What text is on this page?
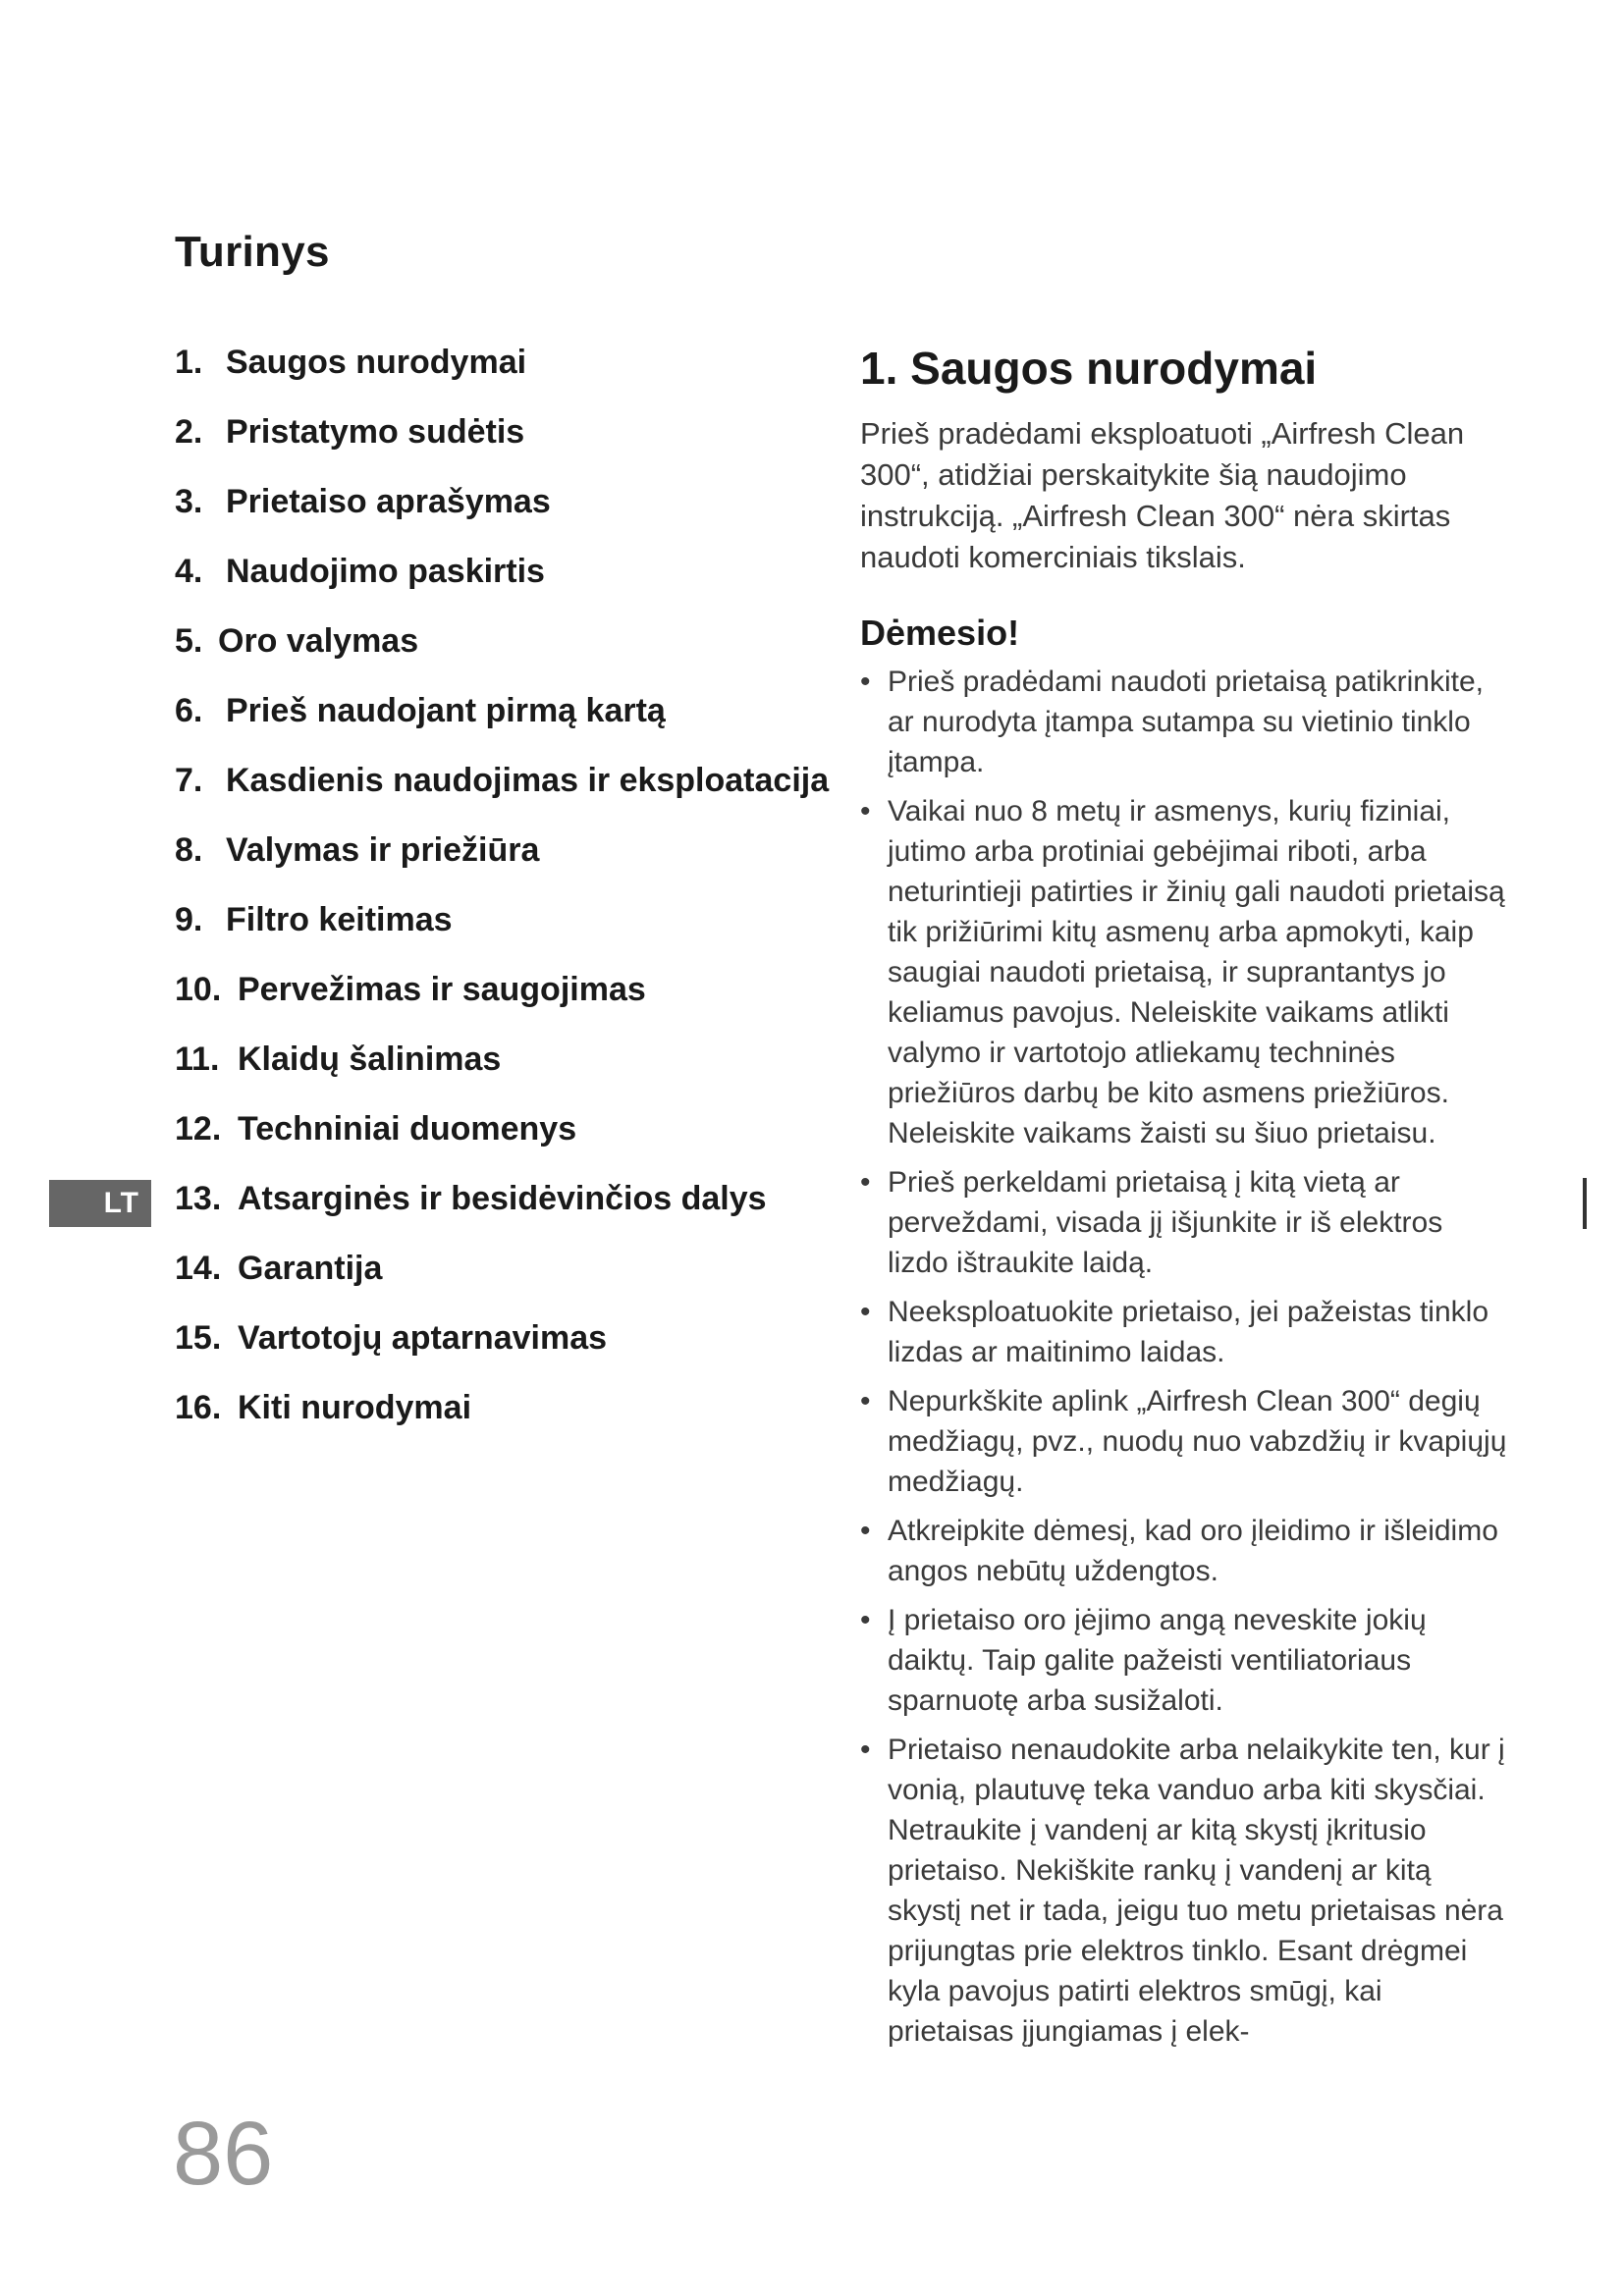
Turinys
1. Saugos nurodymai
2. Pristatymo sudėtis
3. Prietaiso aprašymas
4. Naudojimo paskirtis
5. Oro valymas
6. Prieš naudojant pirmą kartą
7. Kasdienis naudojimas ir eksploatacija
8. Valymas ir priežiūra
9. Filtro keitimas
10. Pervežimas ir saugojimas
11. Klaidų šalinimas
12. Techniniai duomenys
13. Atsarginės ir besidėvinčios dalys
14. Garantija
15. Vartotojų aptarnavimas
16. Kiti nurodymai
LT
86
1. Saugos nurodymai

Prieš pradėdami eksploatuoti „Airfresh Clean 300“, atidžiai perskaitykite šią naudojimo instrukciją. „Airfresh Clean 300“ nėra skirtas naudoti komerciniais tikslais.

Dėmesio!
• Prieš pradėdami naudoti prietaisą patikrinkite, ar nurodyta įtampa sutampa su vietinio tinklo įtampa.
• Vaikai nuo 8 metų ir asmenys, kurių fiziniai, jutimo arba protiniai gebėjimai riboti, arba neturintieji patirties ir žinių gali naudoti prietaisą tik prižiūrimi kitų asmenų arba apmokyti, kaip saugiai naudoti prietaisą, ir suprantantys jo keliamus pavojus. Neleiskite vaikams atlikti valymo ir vartotojo atliekamų techninės priežiūros darbų be kito asmens priežiūros. Neleiskite vaikams žaisti su šiuo prietaisu.
• Prieš perkeldami prietaisą į kitą vietą ar perveždami, visada jį išjunkite ir iš elektros lizdo ištraukite laidą.
• Neeksploatuokite prietaiso, jei pažeistas tinklo lizdas ar maitinimo laidas.
• Nepurkškite aplink „Airfresh Clean 300“ degių medžiagų, pvz., nuodų nuo vabzdžių ir kvapiųjų medžiagų.
• Atkreipkite dėmesį, kad oro įleidimo ir išleidimo angos nebūtų uždengtos.
• Į prietaiso oro įėjimo angą neveskite jokių daiktų. Taip galite pažeisti ventiliatoriaus sparnuotę arba susižaloti.
• Prietaiso nenaudokite arba nelaikykite ten, kur į vonią, plautuvę teka vanduo arba kiti skysčiai. Netraukite į vandenį ar kitą skystį įkritusio prietaiso. Nekiškite rankų į vandenį ar kitą skystį net ir tada, jeigu tuo metu prietaisas nėra prijungtas prie elektros tinklo. Esant drėgmei kyla pavojus patirti elektros smūgį, kai prietaisas įjungiamas į elek-
